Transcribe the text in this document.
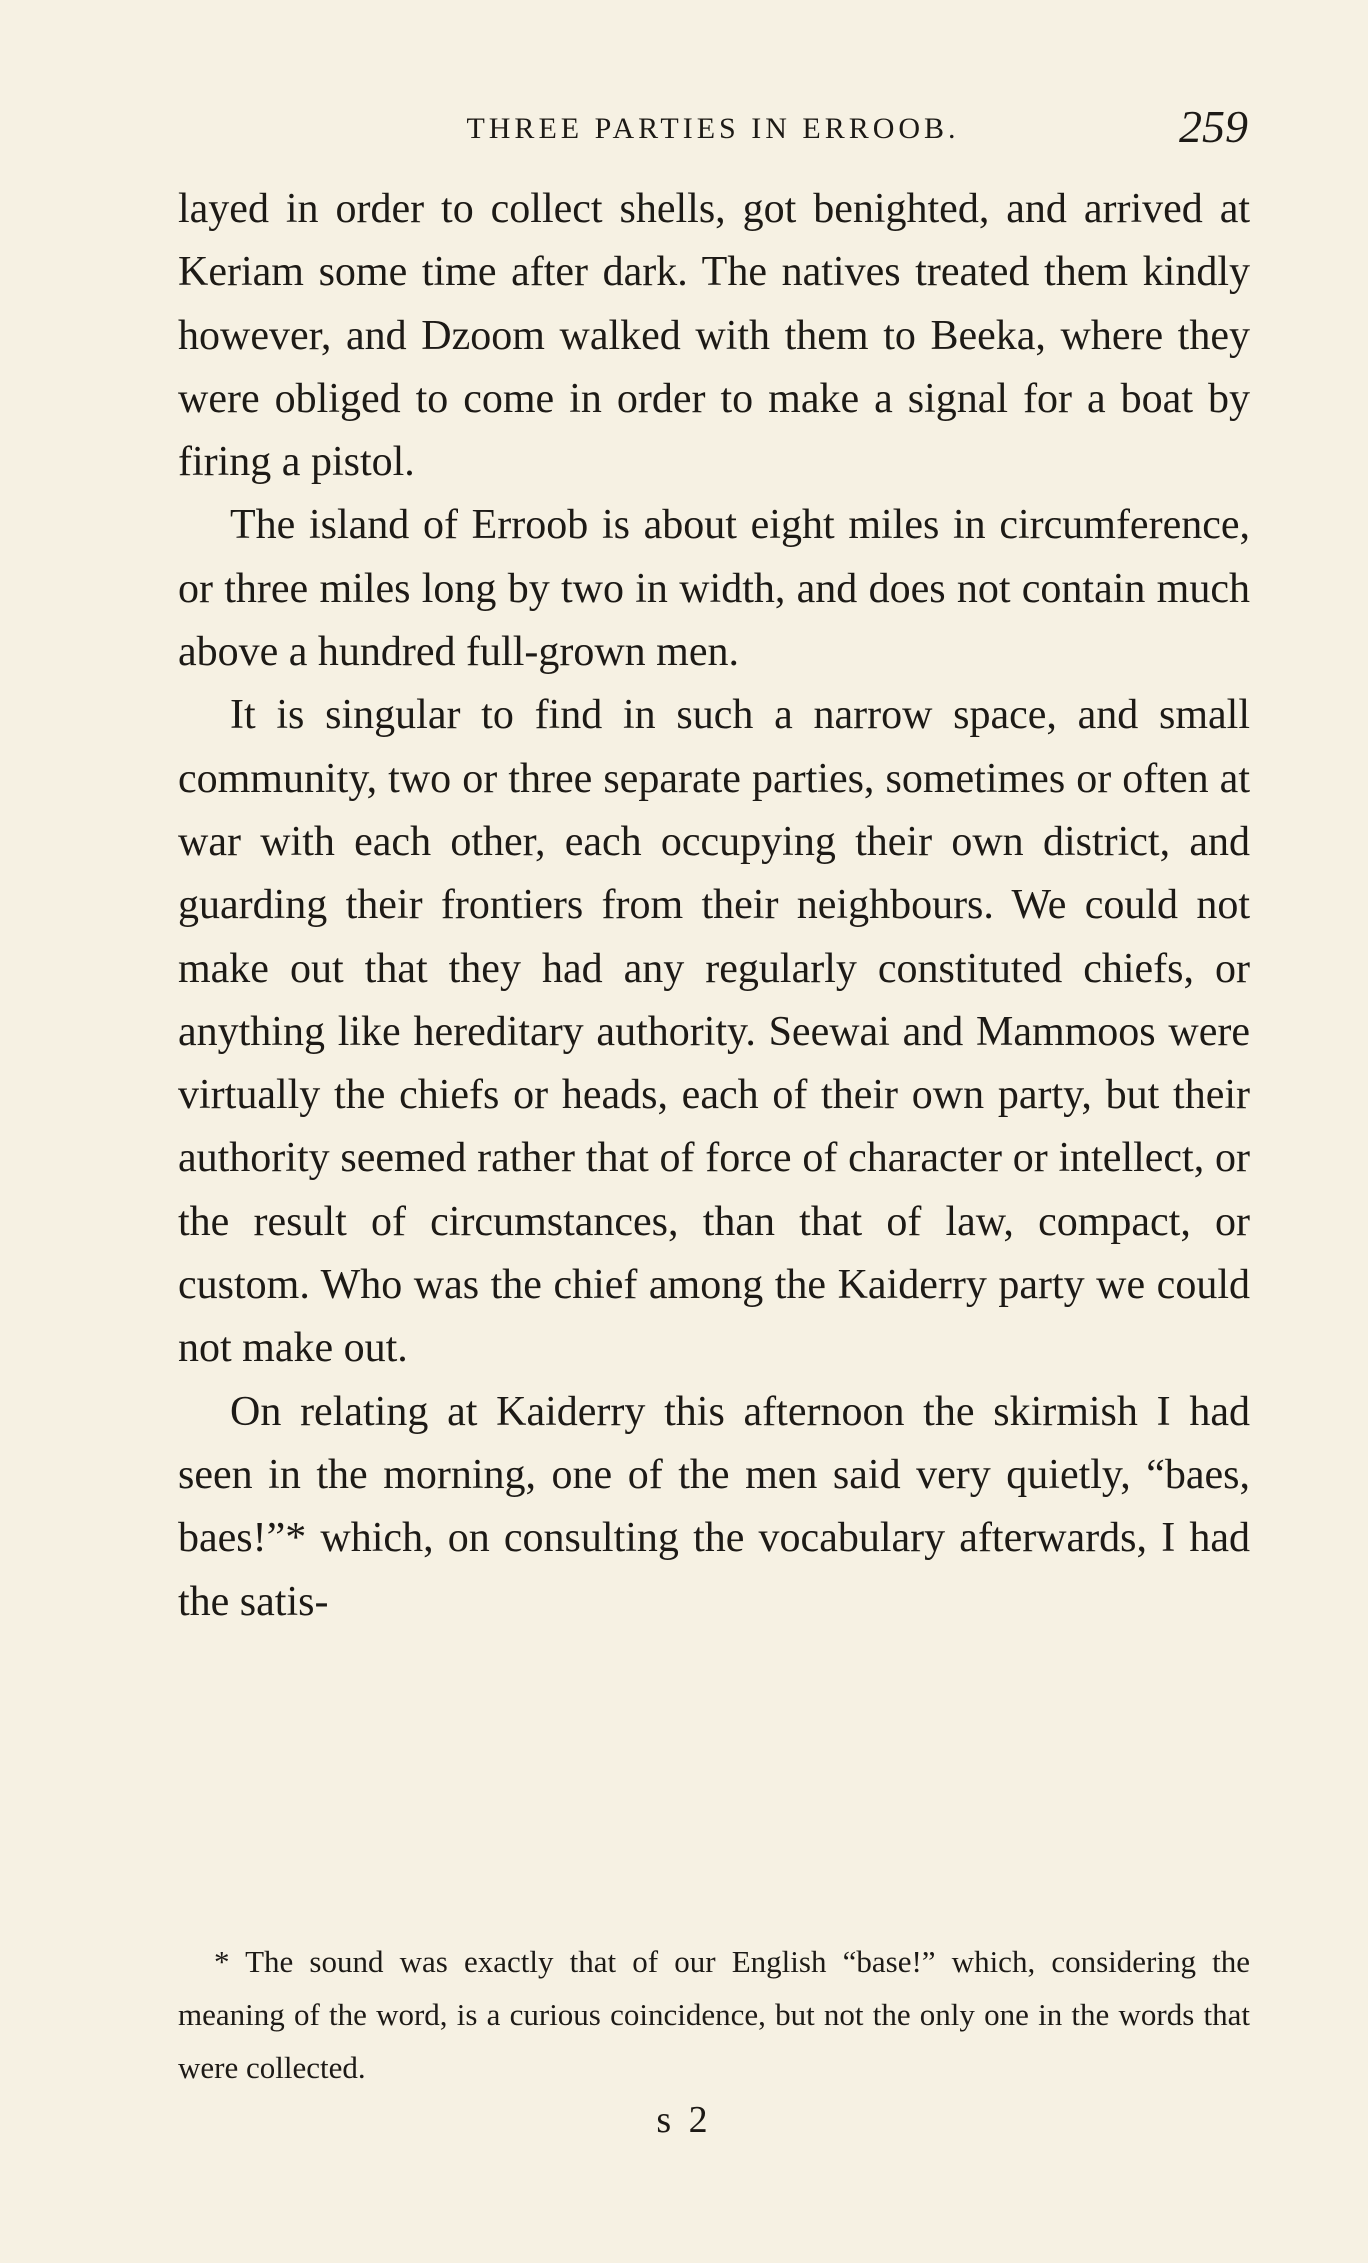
THREE PARTIES IN ERROOB.	259

layed in order to collect shells, got benighted, and arrived at Keriam some time after dark. The natives treated them kindly however, and Dzoom walked with them to Beeka, where they were obliged to come in order to make a signal for a boat by firing a pistol.

The island of Erroob is about eight miles in circumference, or three miles long by two in width, and does not contain much above a hundred full-grown men.

It is singular to find in such a narrow space, and small community, two or three separate parties, sometimes or often at war with each other, each occupying their own district, and guarding their frontiers from their neighbours. We could not make out that they had any regularly constituted chiefs, or anything like hereditary authority. Seewai and Mammoos were virtually the chiefs or heads, each of their own party, but their authority seemed rather that of force of character or intellect, or the result of circumstances, than that of law, compact, or custom. Who was the chief among the Kaiderry party we could not make out.

On relating at Kaiderry this afternoon the skirmish I had seen in the morning, one of the men said very quietly, “baes, baes!”* which, on consulting the vocabulary afterwards, I had the satis-

* The sound was exactly that of our English “base!” which, considering the meaning of the word, is a curious coincidence, but not the only one in the words that were collected.

s 2
